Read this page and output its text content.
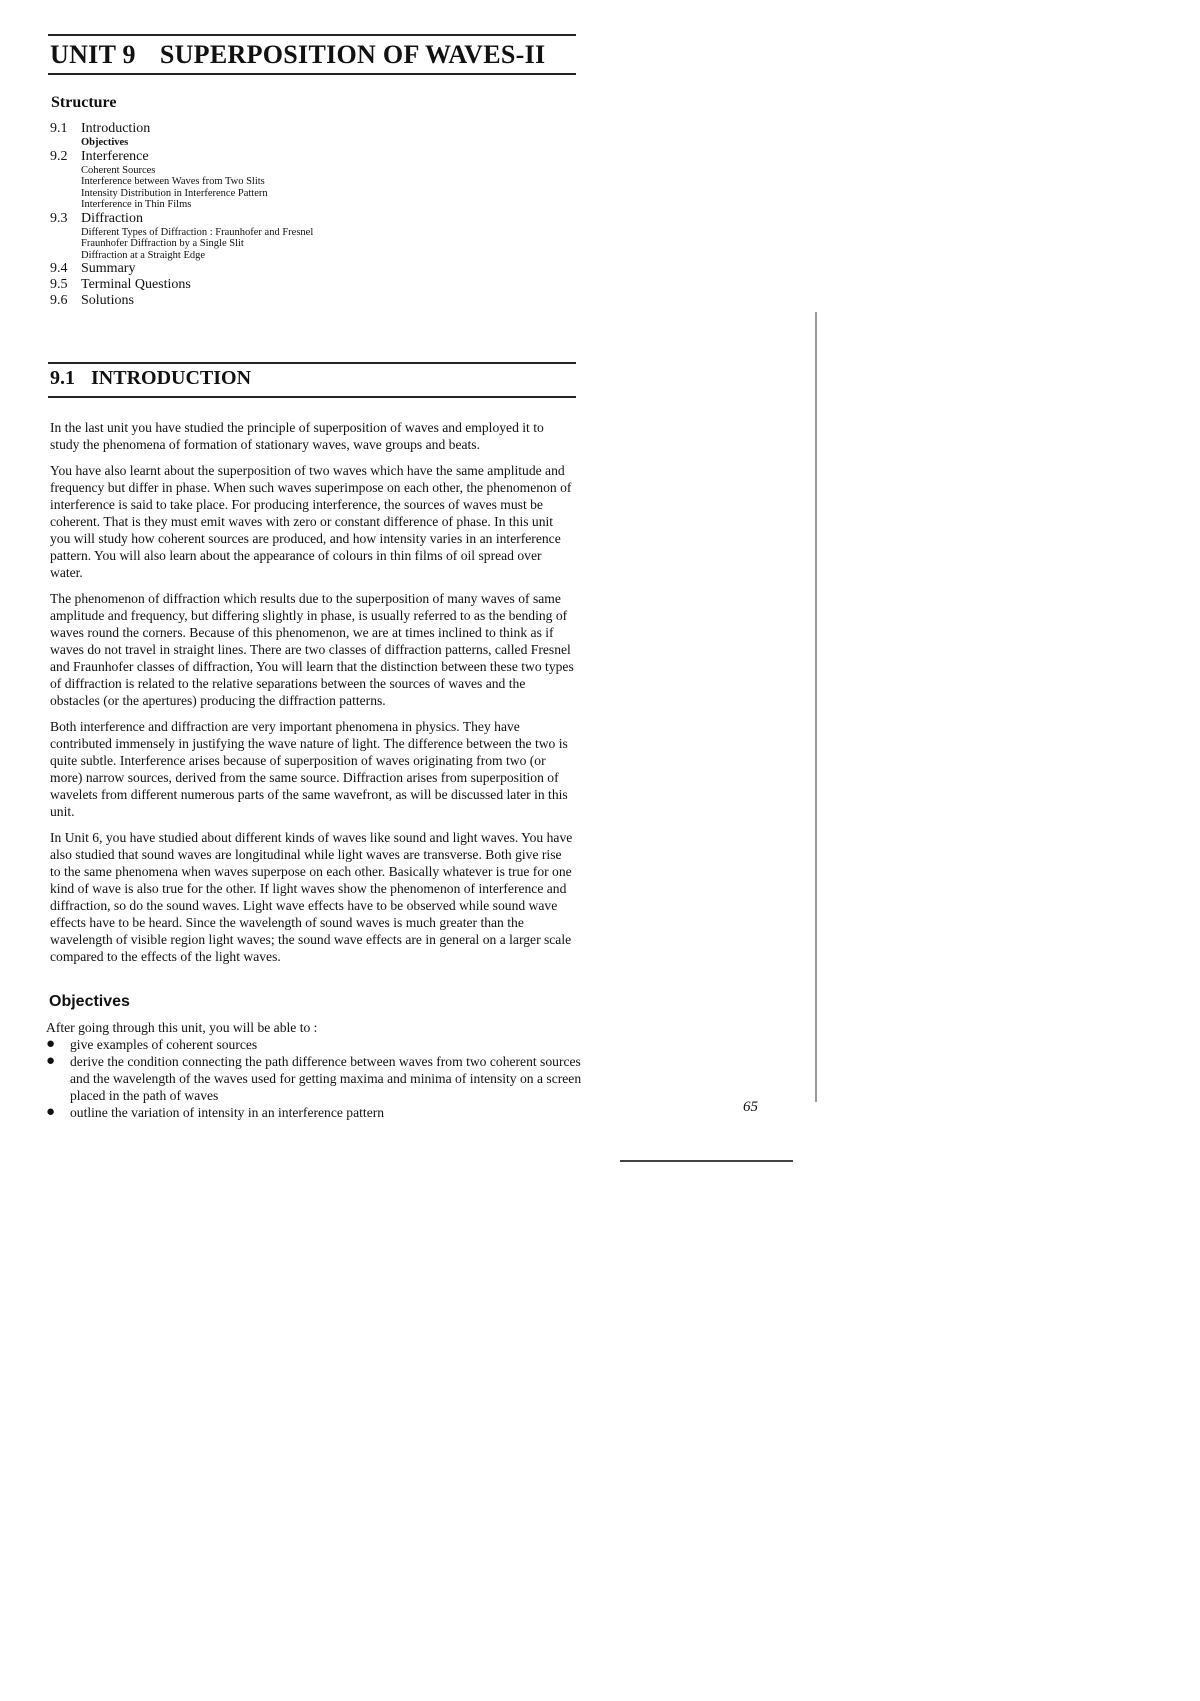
UNIT 9 SUPERPOSITION OF WAVES-II
Structure
9.1 Introduction
Objectives
9.2 Interference
Coherent Sources
Interference between Waves from Two Slits
Intensity Distribution in Interference Pattern
Interference in Thin Films
9.3 Diffraction
Different Types of Diffraction : Fraunhofer and Fresnel
Fraunhofer Diffraction by a Single Slit
Diffraction at a Straight Edge
9.4 Summary
9.5 Terminal Questions
9.6 Solutions
9.1 INTRODUCTION

In the last unit you have studied the principle of superposition of waves and employed it to study the phenomena of formation of stationary waves, wave groups and beats.

You have also learnt about the superposition of two waves which have the same amplitude and frequency but differ in phase. When such waves superimpose on each other, the phenomenon of interference is said to take place. For producing interference, the sources of waves must be coherent. That is they must emit waves with zero or constant difference of phase. In this unit you will study how coherent sources are produced, and how intensity varies in an interference pattern. You will also learn about the appearance of colours in thin films of oil spread over water.

The phenomenon of diffraction which results due to the superposition of many waves of same amplitude and frequency, but differing slightly in phase, is usually referred to as the bending of waves round the corners. Because of this phenomenon, we are at times inclined to think as if waves do not travel in straight lines. There are two classes of diffraction patterns, called Fresnel and Fraunhofer classes of diffraction, You will learn that the distinction between these two types of diffraction is related to the relative separations between the sources of waves and the obstacles (or the apertures) producing the diffraction patterns.

Both interference and diffraction are very important phenomena in physics. They have contributed immensely in justifying the wave nature of light. The difference between the two is quite subtle. Interference arises because of superposition of waves originating from two (or more) narrow sources, derived from the same source. Diffraction arises from superposition of wavelets from different numerous parts of the same wavefront, as will be discussed later in this unit.

In Unit 6, you have studied about different kinds of waves like sound and light waves. You have also studied that sound waves are longitudinal while light waves are transverse. Both give rise to the same phenomena when waves superpose on each other. Basically whatever is true for one kind of wave is also true for the other. If light waves show the phenomenon of interference and diffraction, so do the sound waves. Light wave effects have to be observed while sound wave effects have to be heard. Since the wavelength of sound waves is much greater than the wavelength of visible region light waves; the sound wave effects are in general on a larger scale compared to the effects of the light waves.

Objectives
After going through this unit, you will be able to :
● give examples of coherent sources
● derive the condition connecting the path difference between waves from two coherent sources and the wavelength of the waves used for getting maxima and minima of intensity on a screen placed in the path of waves
● outline the variation of intensity in an interference pattern	65
